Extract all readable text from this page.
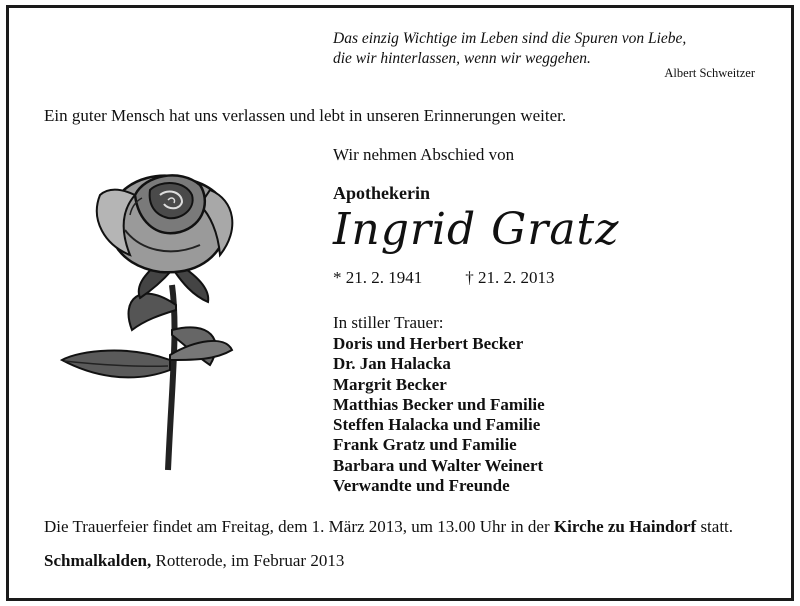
Das einzig Wichtige im Leben sind die Spuren von Liebe,
die wir hinterlassen, wenn wir weggehen.
Albert Schweitzer
Ein guter Mensch hat uns verlassen und lebt in unseren Erinnerungen weiter.
Wir nehmen Abschied von
Apothekerin
Ingrid Gratz
* 21. 2. 1941	† 21. 2. 2013
In stiller Trauer:
Doris und Herbert Becker
Dr. Jan Halacka
Margrit Becker
Matthias Becker und Familie
Steffen Halacka und Familie
Frank Gratz und Familie
Barbara und Walter Weinert
Verwandte und Freunde
Die Trauerfeier findet am Freitag, dem 1. März 2013, um 13.00 Uhr in der Kirche zu Haindorf statt.
Schmalkalden, Rotterode, im Februar 2013
